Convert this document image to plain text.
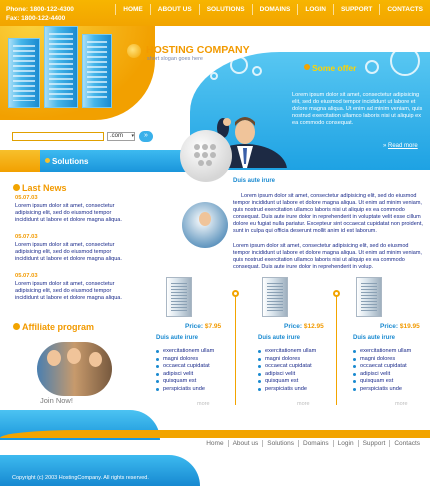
Phone: 1800-122-4300
Fax: 1800-122-4400
HOME	ABOUT US	SOLUTIONS	DOMAINS	LOGIN	SUPPORT	CONTACTS
HOSTING COMPANY
short slogan goes here
Some offer
Lorem ipsum dolor sit amet, consectetur adipisicing elit, sed do eiusmod tempor incididunt ut labore et dolore magna aliqua. Ut enim ad minim veniam, quis nostrud exercitation ullamco laboris nisi ut aliquip ex ea commodo consequat.
» Read more
CHECK DOMAIN NAME:
.com ▾	»
Solutions
Last News
05.07.03
Lorem ipsum dolor sit amet, consectetur adipisicing elit, sed do eiusmod tempor incididunt ut labore et dolore magna aliqua.
05.07.03
Lorem ipsum dolor sit amet, consectetur adipisicing elit, sed do eiusmod tempor incididunt ut labore et dolore magna aliqua.
05.07.03
Lorem ipsum dolor sit amet, consectetur adipisicing elit, sed do eiusmod tempor incididunt ut labore et dolore magna aliqua.
Affiliate program
Join Now!
Duis aute irure
Lorem ipsum dolor sit amet, consectetur adipisicing elit, sed do eiusmod tempor incididunt ut labore et dolore magna aliqua. Ut enim ad minim veniam, quis nostrud exercitation ullamco laboris nisi ut aliquip ex ea commodo consequat. Duis aute irure dolor in reprehenderit in voluptate velit esse cillum dolore eu fugiat nulla pariatur. Excepteur sint occaecat cupidatat non proident, sunt in culpa qui officia deserunt mollit anim id est laborum.
Lorem ipsum dolor sit amet, consectetur adipisicing elit, sed do eiusmod tempor incididunt ut labore et dolore magna aliqua. Ut enim ad minim veniam, quis nostrud exercitation ullamco laboris nisi ut aliquip ex ea commodo consequat. Duis aute irure dolor in reprehenderit in volup.
Price: $7.95
Duis aute irure
exercitationem ullam
magni dolores
occaecat cupidatat
adipisci velit
quisquam est
perspiciatis unde
more
Price: $12.95
Duis aute irure
exercitationem ullam
magni dolores
occaecat cupidatat
adipisci velit
quisquam est
perspiciatis unde
more
Price: $19.95
Duis aute irure
exercitationem ullam
magni dolores
occaecat cupidatat
adipisci velit
quisquam est
perspiciatis unde
more
Home	About us	Solutions	Domains	Login	Support	Contacts
Copyright (c) 2003 HostingCompany. All rights reserved.
